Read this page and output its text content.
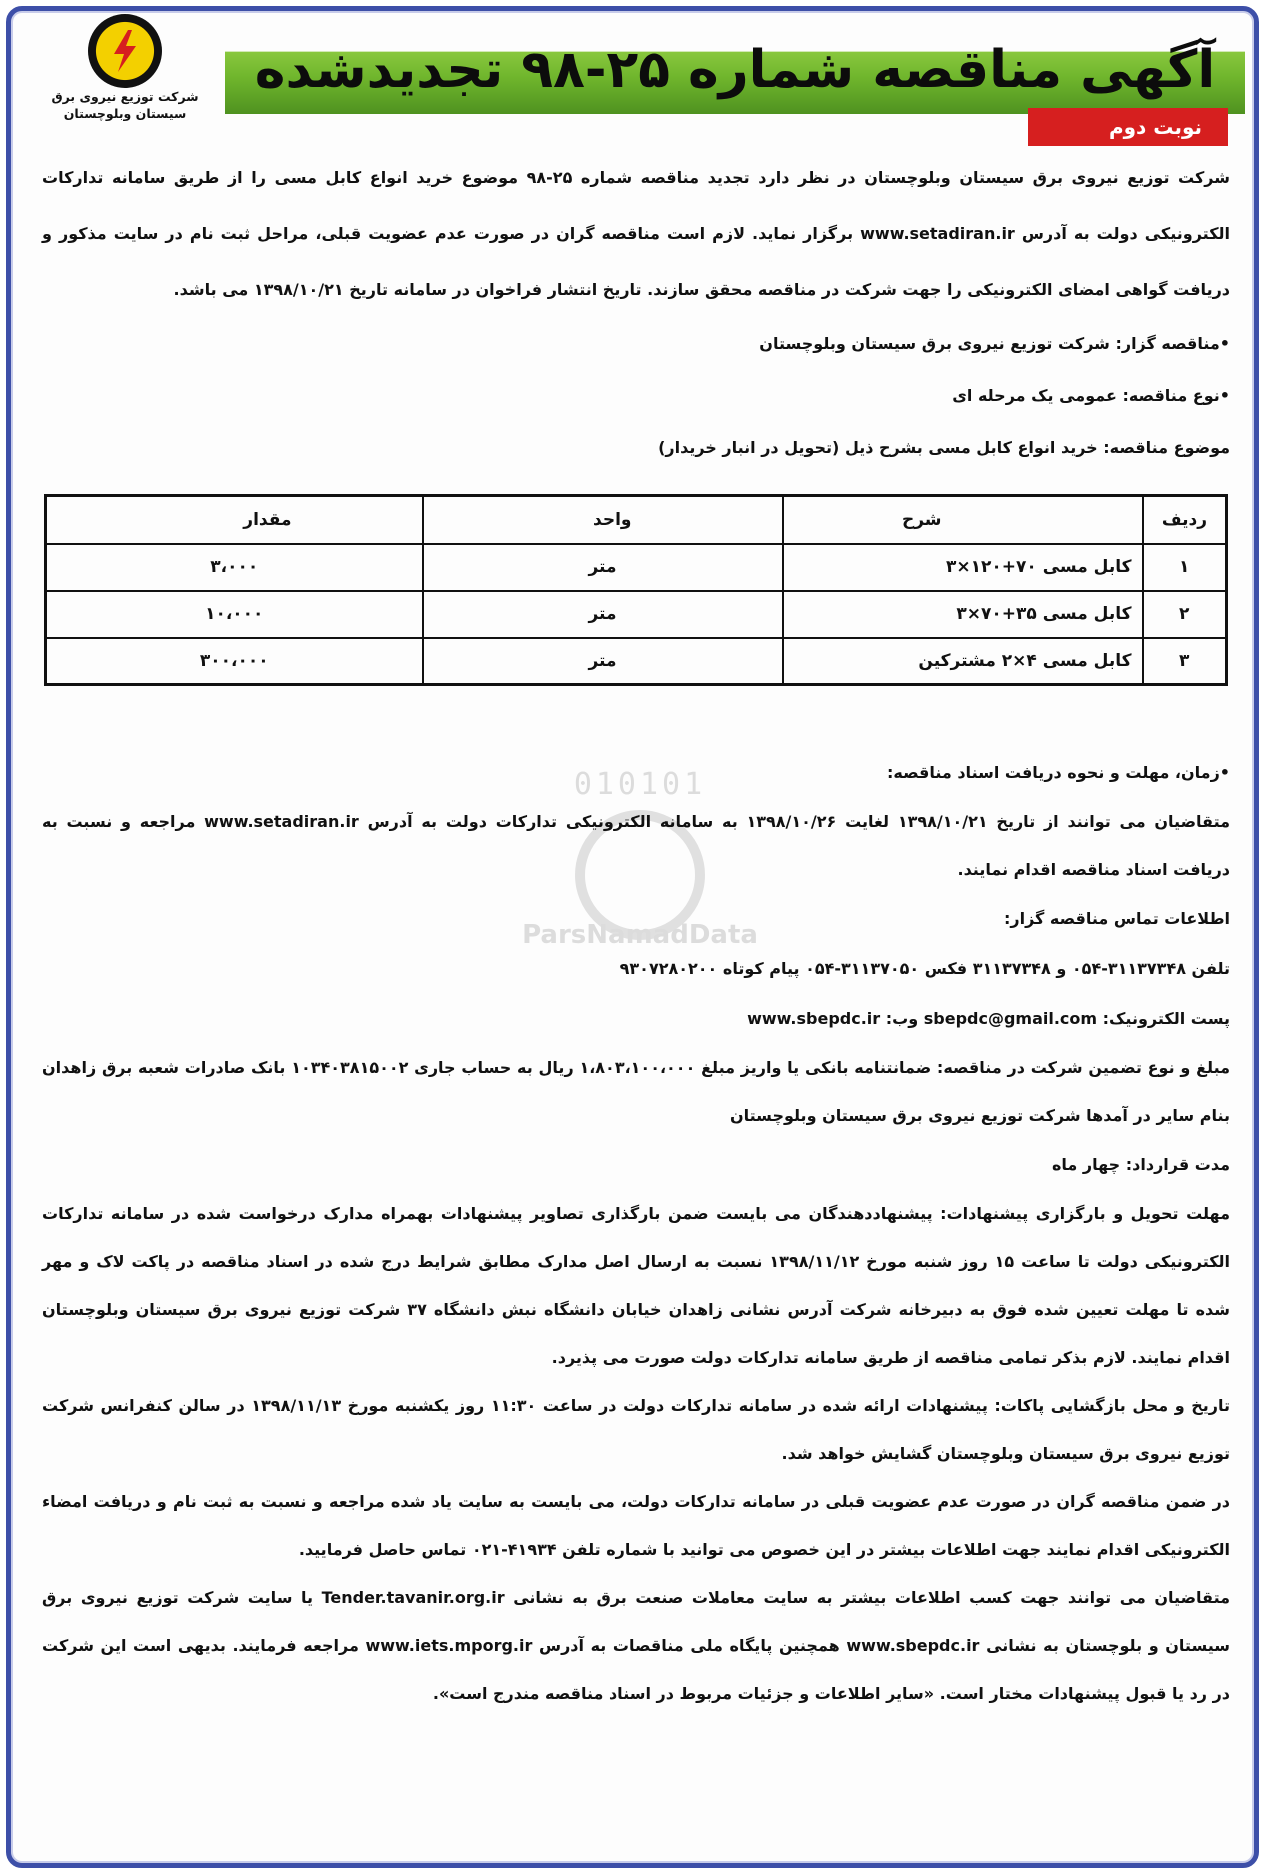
شرکت توزیع نیروی برق
سیستان وبلوچستان
آگهی مناقصه شماره ۲۵-۹۸ تجدیدشده
نوبت دوم

شرکت توزیع نیروی برق سیستان وبلوچستان در نظر دارد تجدید مناقصه شماره ۲۵-۹۸ موضوع خرید انواع کابل مسی را از طریق سامانه تدارکات الکترونیکی دولت به آدرس www.setadiran.ir برگزار نماید. لازم است مناقصه گران در صورت عدم عضویت قبلی، مراحل ثبت نام در سایت مذکور و دریافت گواهی امضای الکترونیکی را جهت شرکت در مناقصه محقق سازند. تاریخ انتشار فراخوان در سامانه تاریخ ۱۳۹۸/۱۰/۲۱ می باشد.

•مناقصه گزار: شرکت توزیع نیروی برق سیستان وبلوچستان

•نوع مناقصه: عمومی یک مرحله ای

موضوع مناقصه: خرید انواع کابل مسی بشرح ذیل (تحویل در انبار خریدار)

ردیف	شرح	واحد	مقدار
۱	کابل مسی ۷۰+۱۲۰×۳	متر	۳،۰۰۰
۲	کابل مسی ۳۵+۷۰×۳	متر	۱۰،۰۰۰
۳	کابل مسی ۴×۲ مشترکین	متر	۳۰۰،۰۰۰
010101
ParsNamadData

•زمان، مهلت و نحوه دریافت اسناد مناقصه:

متقاضیان می توانند از تاریخ ۱۳۹۸/۱۰/۲۱ لغایت ۱۳۹۸/۱۰/۲۶ به سامانه الکترونیکی تدارکات دولت به آدرس www.setadiran.ir مراجعه و نسبت به دریافت اسناد مناقصه اقدام نمایند.

اطلاعات تماس مناقصه گزار:

تلفن ۳۱۱۳۷۳۴۸-۰۵۴ و ۳۱۱۳۷۳۴۸ فکس ۳۱۱۳۷۰۵۰-۰۵۴ پیام کوتاه ۹۳۰۷۲۸۰۲۰۰

پست الکترونیک: sbepdc@gmail.com وب: www.sbepdc.ir

مبلغ و نوع تضمین شرکت در مناقصه: ضمانتنامه بانکی یا واریز مبلغ ۱،۸۰۳،۱۰۰،۰۰۰ ریال به حساب جاری ۱۰۳۴۰۳۸۱۵۰۰۲ بانک صادرات شعبه برق زاهدان بنام سایر در آمدها شرکت توزیع نیروی برق سیستان وبلوچستان

مدت قرارداد: چهار ماه

مهلت تحویل و بارگزاری پیشنهادات: پیشنهاددهندگان می بایست ضمن بارگذاری تصاویر پیشنهادات بهمراه مدارک درخواست شده در سامانه تدارکات الکترونیکی دولت تا ساعت ۱۵ روز شنبه مورخ ۱۳۹۸/۱۱/۱۲ نسبت به ارسال اصل مدارک مطابق شرایط درج شده در اسناد مناقصه در پاکت لاک و مهر شده تا مهلت تعیین شده فوق به دبیرخانه شرکت آدرس نشانی زاهدان خیابان دانشگاه نبش دانشگاه ۳۷ شرکت توزیع نیروی برق سیستان وبلوچستان اقدام نمایند. لازم بذکر تمامی مناقصه از طریق سامانه تدارکات دولت صورت می پذیرد.

تاریخ و محل بازگشایی پاکات: پیشنهادات ارائه شده در سامانه تدارکات دولت در ساعت ۱۱:۳۰ روز یکشنبه مورخ ۱۳۹۸/۱۱/۱۳ در سالن کنفرانس شرکت توزیع نیروی برق سیستان وبلوچستان گشایش خواهد شد.

در ضمن مناقصه گران در صورت عدم عضویت قبلی در سامانه تدارکات دولت، می بایست به سایت یاد شده مراجعه و نسبت به ثبت نام و دریافت امضاء الکترونیکی اقدام نمایند جهت اطلاعات بیشتر در این خصوص می توانید با شماره تلفن ۴۱۹۳۴-۰۲۱ تماس حاصل فرمایید.

متقاضیان می توانند جهت کسب اطلاعات بیشتر به سایت معاملات صنعت برق به نشانی Tender.tavanir.org.ir یا سایت شرکت توزیع نیروی برق سیستان و بلوچستان به نشانی www.sbepdc.ir همچنین پایگاه ملی مناقصات به آدرس www.iets.mporg.ir مراجعه فرمایند. بدیهی است این شرکت در رد یا قبول پیشنهادات مختار است. «سایر اطلاعات و جزئیات مربوط در اسناد مناقصه مندرج است».
